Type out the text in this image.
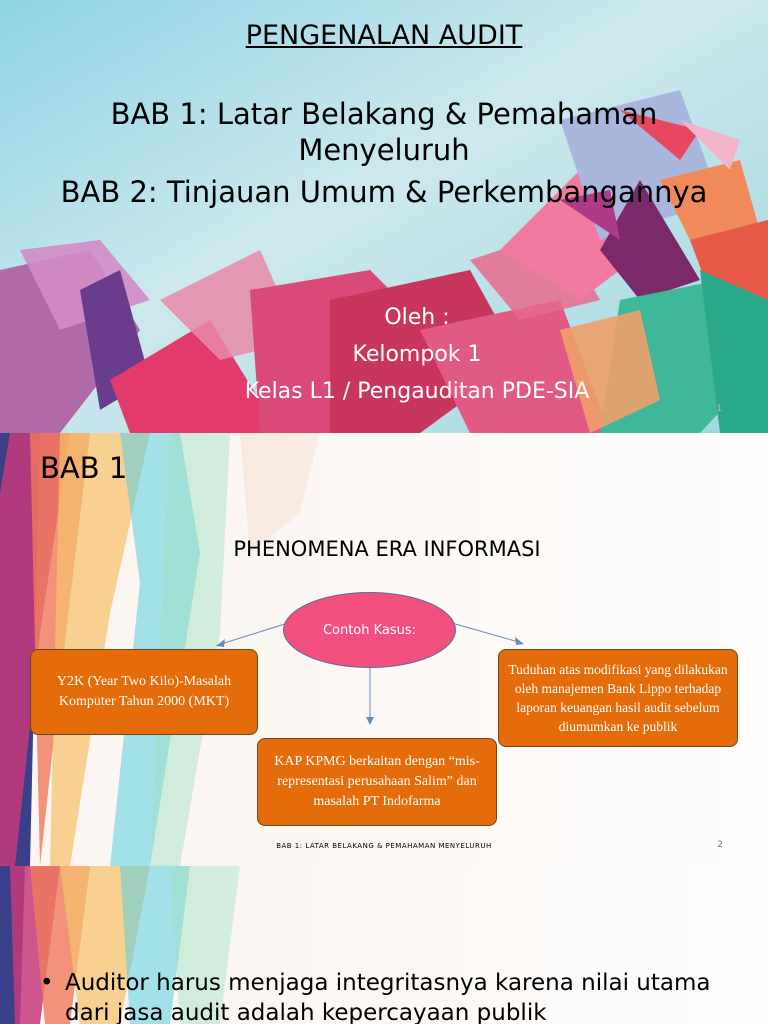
PENGENALAN AUDIT
BAB 1: Latar Belakang & Pemahaman Menyeluruh
BAB 2: Tinjauan Umum & Perkembangannya
Oleh :
Kelompok 1
Kelas L1 / Pengauditan PDE-SIA
1
BAB 1
PHENOMENA ERA INFORMASI
Contoh Kasus:
Y2K (Year Two Kilo)-Masalah Komputer Tahun 2000 (MKT)
KAP KPMG berkaitan dengan “mis-representasi perusahaan Salim” dan masalah PT Indofarma
Tuduhan atas modifikasi yang dilakukan oleh manajemen Bank Lippo terhadap laporan keuangan hasil audit sebelum diumumkan ke publik
BAB 1: LATAR BELAKANG & PEMAHAMAN MENYELURUH	2
• Auditor harus menjaga integritasnya karena nilai utama dari jasa audit adalah kepercayaan publik
